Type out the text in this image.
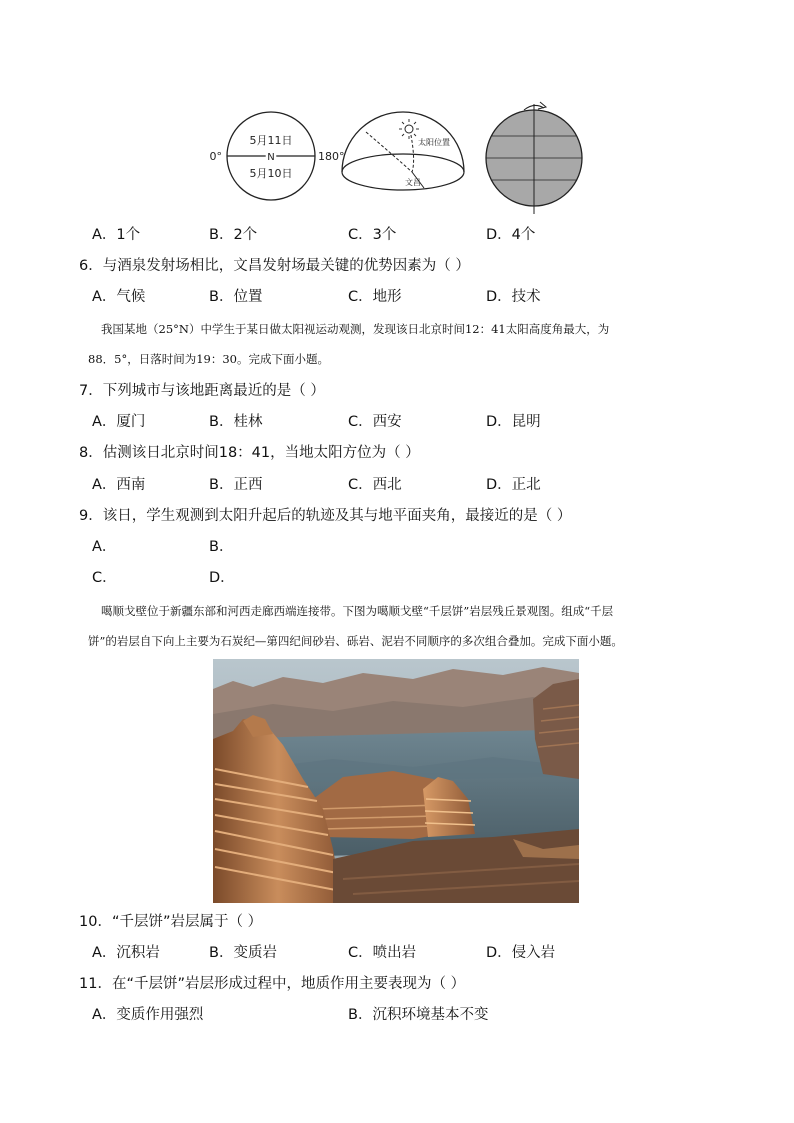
5月11日
N
5月10日
0°	180°
太阳位置
文昌
A．1个	B．2个	C．3个	D．4个
6．与酒泉发射场相比，文昌发射场最关键的优势因素为（ ）
A．气候	B．位置	C．地形	D．技术
我国某地（25°N）中学生于某日做太阳视运动观测，发现该日北京时间12：41太阳高度角最大，为
88．5°，日落时间为19：30。完成下面小题。
7．下列城市与该地距离最近的是（ ）
A．厦门	B．桂林	C．西安	D．昆明
8．估测该日北京时间18：41，当地太阳方位为（ ）
A．西南	B．正西	C．西北	D．正北
9．该日，学生观测到太阳升起后的轨迹及其与地平面夹角，最接近的是（ ）
A．	B．
C．	D．
噶顺戈壁位于新疆东部和河西走廊西端连接带。下图为噶顺戈壁“千层饼”岩层残丘景观图。组成“千层
饼”的岩层自下向上主要为石炭纪—第四纪间砂岩、砾岩、泥岩不同顺序的多次组合叠加。完成下面小题。
10．“千层饼”岩层属于（ ）
A．沉积岩	B．变质岩	C．喷出岩	D．侵入岩
11．在“千层饼”岩层形成过程中，地质作用主要表现为（ ）
A．变质作用强烈	B．沉积环境基本不变
